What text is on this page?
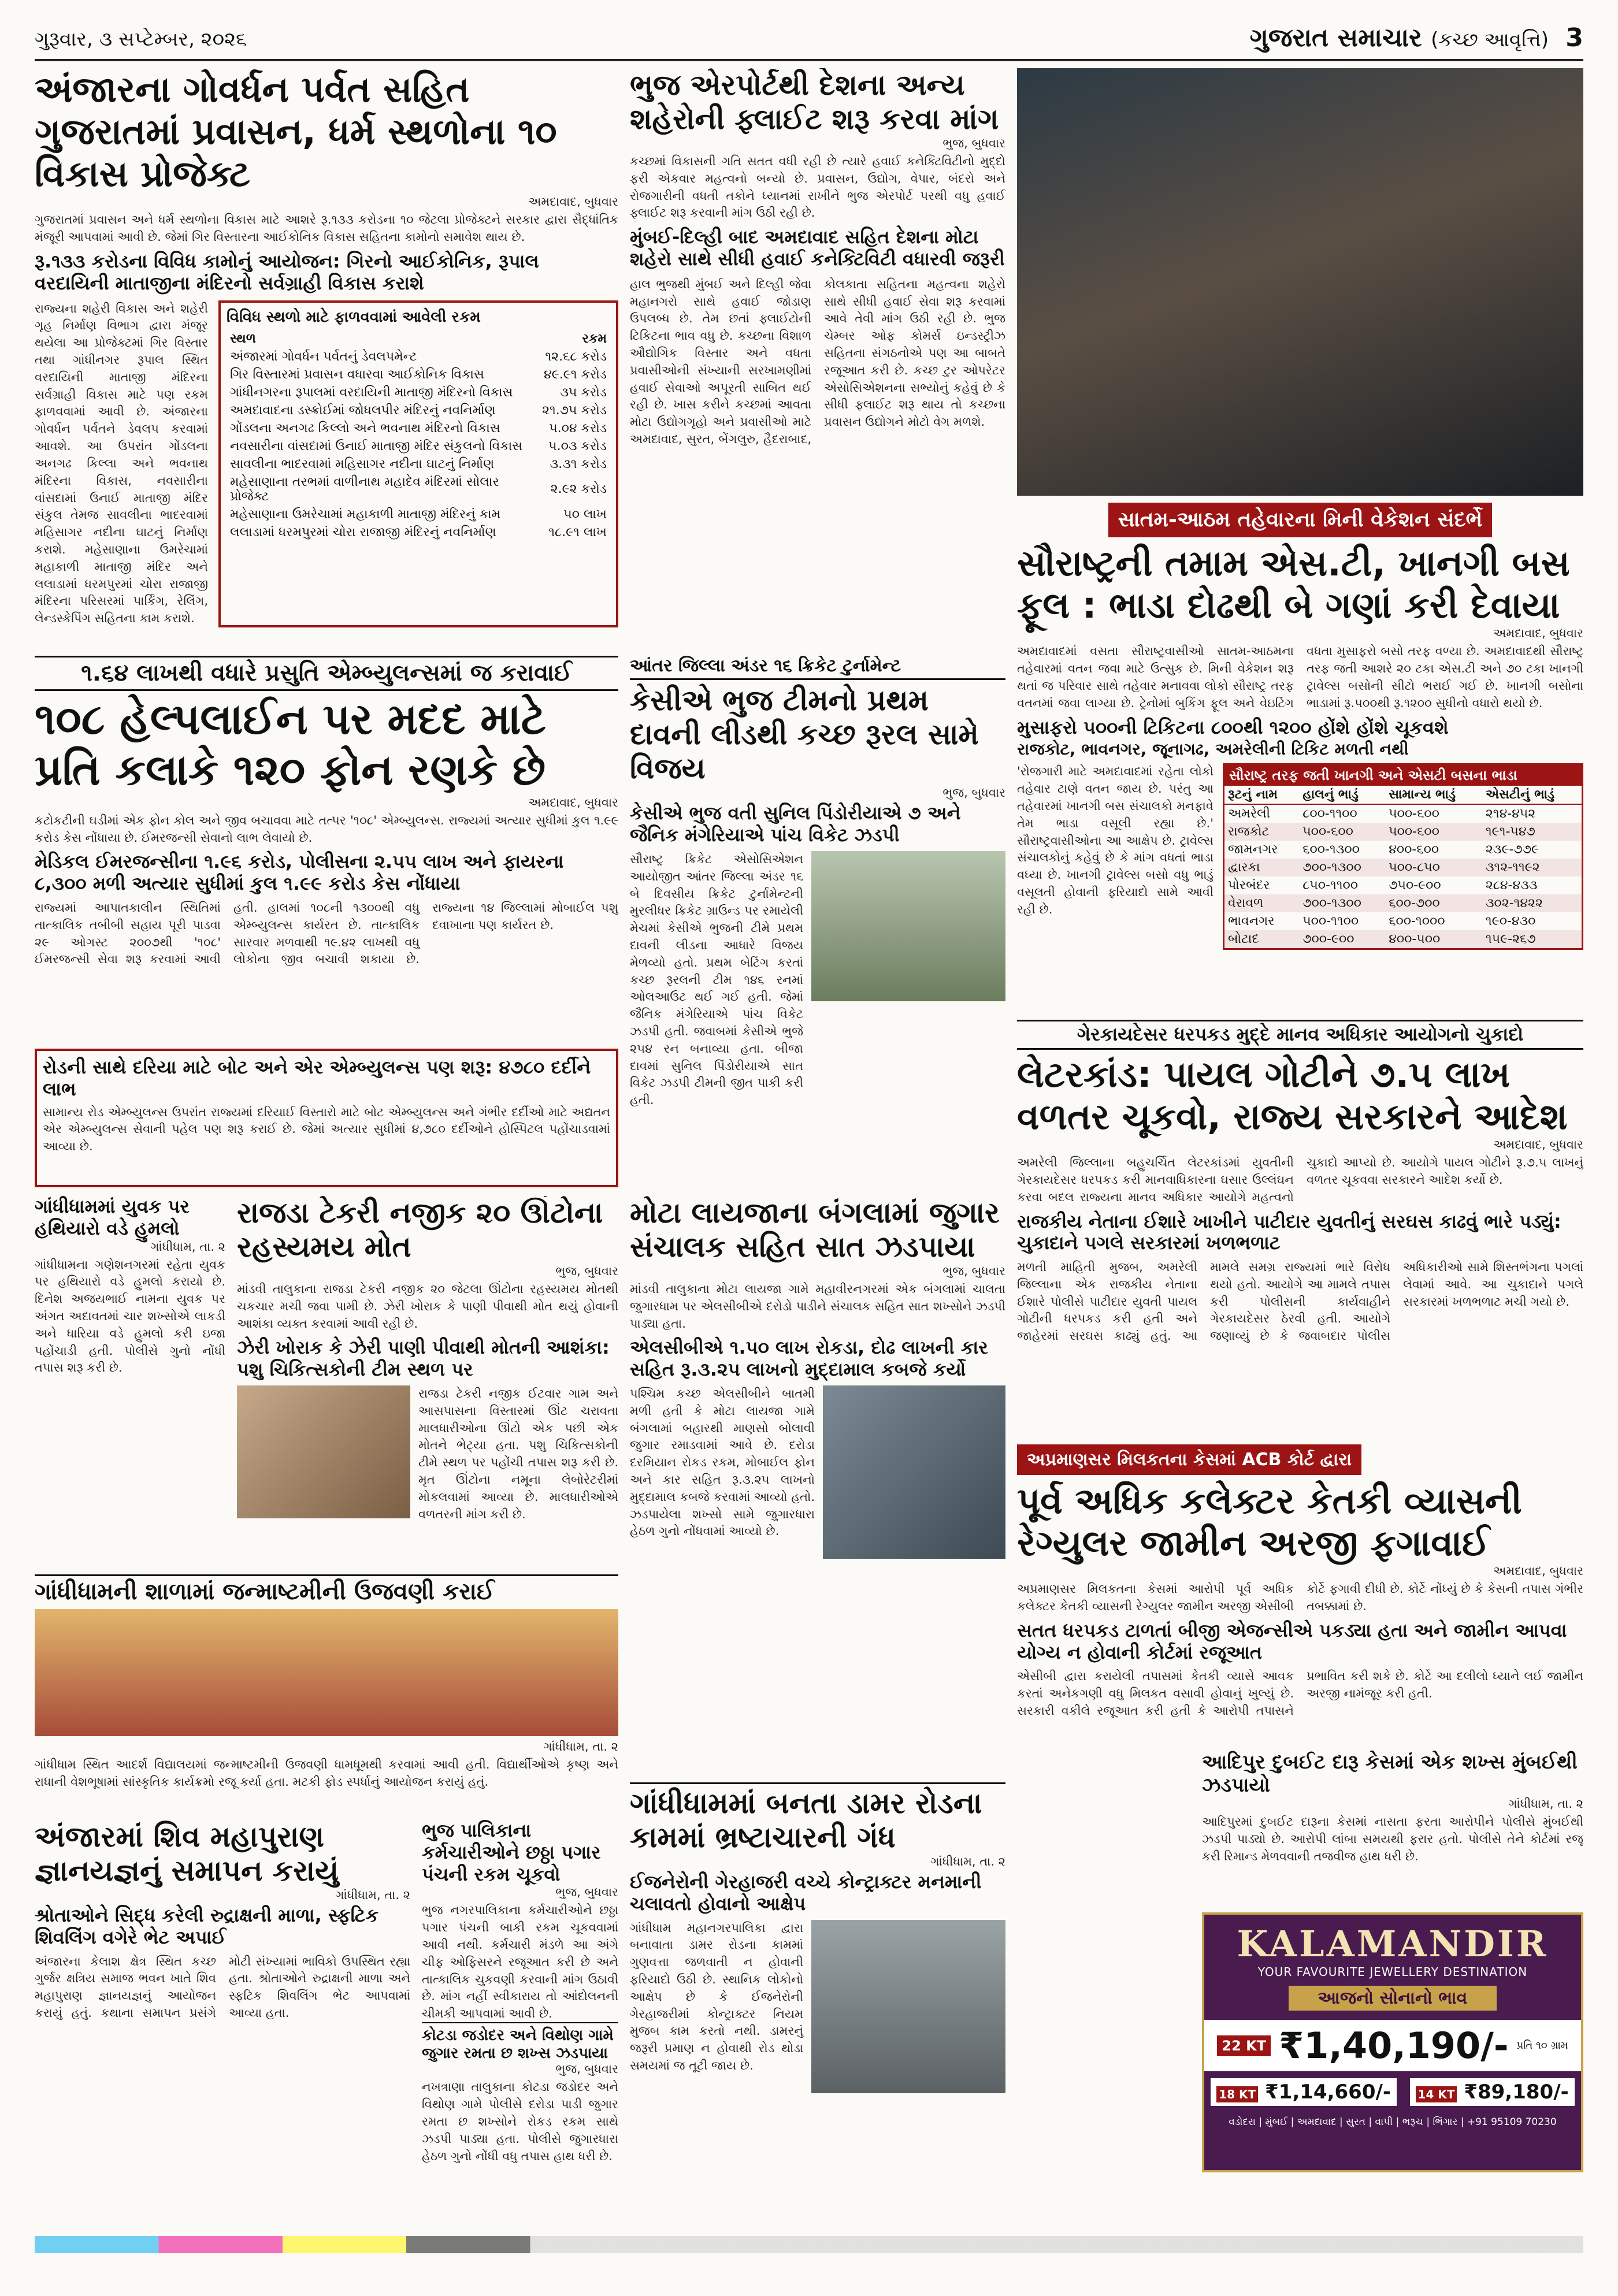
ગુરૂવાર, ૩ સપ્ટેમ્બર, ૨૦૨૬	ગુજરાત સમાચાર (કચ્છ આવૃત્તિ) 3
અંજારના ગોવર્ધન પર્વત સહિત ગુજરાતમાં પ્રવાસન, ધર્મ સ્થળોના ૧૦ વિકાસ પ્રોજેક્ટ

અમદાવાદ, બુધવાર

ગુજરાતમાં પ્રવાસન અને ધર્મ સ્થળોના વિકાસ માટે આશરે રૂ.૧૩૩ કરોડના ૧૦ જેટલા પ્રોજેક્ટને સરકાર દ્વારા સૈદ્ધાંતિક મંજૂરી આપવામાં આવી છે. જેમાં ગિર વિસ્તારના આઈકોનિક વિકાસ સહિતના કામોનો સમાવેશ થાય છે.

રૂ.૧૩૩ કરોડના વિવિધ કામોનું આયોજન: ગિરનો આઈકોનિક, રૂપાલ વરદાયિની માતાજીના મંદિરનો સર્વગ્રાહી વિકાસ કરાશે

રાજ્યના શહેરી વિકાસ અને શહેરી ગૃહ નિર્માણ વિભાગ દ્વારા મંજૂર થયેલા આ પ્રોજેક્ટમાં ગિર વિસ્તાર તથા ગાંધીનગર રૂપાલ સ્થિત વરદાયિની માતાજી મંદિરના સર્વગ્રાહી વિકાસ માટે પણ રકમ ફાળવવામાં આવી છે. અંજારના ગોવર્ધન પર્વતને ડેવલપ કરવામાં આવશે. આ ઉપરાંત ગોંડલના અનગઢ કિલ્લા અને ભવનાથ મંદિરના વિકાસ, નવસારીના વાંસદામાં ઉનાઈ માતાજી મંદિર સંકુલ તેમજ સાવલીના ભાદરવામાં મહિસાગર નદીના ઘાટનું નિર્માણ કરાશે. મહેસાણાના ઉમરેચામાં મહાકાળી માતાજી મંદિર અને લલાડામાં ધરમપુરમાં ચોરા રાજાજી મંદિરના પરિસરમાં પાર્કિંગ, રેલિંગ, લેન્ડસ્કેપિંગ સહિતના કામ કરાશે.

વિવિધ સ્થળો માટે ફાળવવામાં આવેલી રકમ
સ્થળ	રકમ
અંજારમાં ગોવર્ધન પર્વતનું ડેવલપમેન્ટ	૧૨.૬૮ કરોડ
ગિર વિસ્તારમાં પ્રવાસન વધારવા આઈકોનિક વિકાસ	૪૯.૯૧ કરોડ
ગાંધીનગરના રૂપાલમાં વરદાયિની માતાજી મંદિરનો વિકાસ	૩૫ કરોડ
અમદાવાદના ડસ્ક્રોઈમાં જોધલપીર મંદિરનું નવનિર્માણ	૨૧.૭૫ કરોડ
ગોંડલના અનગઢ કિલ્લો અને ભવનાથ મંદિરનો વિકાસ	૫.૦૪ કરોડ
નવસારીના વાંસદામાં ઉનાઈ માતાજી મંદિર સંકુલનો વિકાસ	૫.૦૩ કરોડ
સાવલીના ભાદરવામાં મહિસાગર નદીના ઘાટનું નિર્માણ	૩.૩૧ કરોડ
મહેસાણાના તરભમાં વાળીનાથ મહાદેવ મંદિરમાં સોલાર પ્રોજેક્ટ	૨.૯૨ કરોડ
મહેસાણાના ઉમરેચામાં મહાકાળી માતાજી મંદિરનું કામ	૫૦ લાખ
લલાડામાં ધરમપુરમાં ચોરા રાજાજી મંદિરનું નવનિર્માણ	૧૮.૯૧ લાખ
ભુજ એરપોર્ટથી દેશના અન્ય શહેરોની ફ્લાઈટ શરૂ કરવા માંગ

ભુજ, બુધવાર

કચ્છમાં વિકાસની ગતિ સતત વધી રહી છે ત્યારે હવાઈ કનેક્ટિવિટીનો મુદ્દો ફરી એકવાર મહત્વનો બન્યો છે. પ્રવાસન, ઉદ્યોગ, વેપાર, બંદરો અને રોજગારીની વધતી તકોને ધ્યાનમાં રાખીને ભુજ એરપોર્ટ પરથી વધુ હવાઈ ફ્લાઈટ શરૂ કરવાની માંગ ઉઠી રહી છે.

મુંબઈ-દિલ્હી બાદ અમદાવાદ સહિત દેશના મોટા શહેરો સાથે સીધી હવાઈ કનેક્ટિવિટી વધારવી જરૂરી

હાલ ભુજથી મુંબઈ અને દિલ્હી જેવા મહાનગરો સાથે હવાઈ જોડાણ ઉપલબ્ધ છે. તેમ છતાં ફ્લાઈટોની ટિકિટના ભાવ વધુ છે. કચ્છના વિશાળ ઔદ્યોગિક વિસ્તાર અને વધતા પ્રવાસીઓની સંખ્યાની સરખામણીમાં હવાઈ સેવાઓ અપૂરતી સાબિત થઈ રહી છે. ખાસ કરીને કચ્છમાં આવતા મોટા ઉદ્યોગગૃહો અને પ્રવાસીઓ માટે અમદાવાદ, સુરત, બેંગલુરુ, હૈદરાબાદ, કોલકાતા સહિતના મહત્વના શહેરો સાથે સીધી હવાઈ સેવા શરૂ કરવામાં આવે તેવી માંગ ઉઠી રહી છે. ભુજ ચેમ્બર ઓફ કોમર્સ ઇન્ડસ્ટ્રીઝ સહિતના સંગઠનોએ પણ આ બાબતે રજૂઆત કરી છે. કચ્છ ટુર ઓપરેટર એસોસિએશનના સભ્યોનું કહેવું છે કે સીધી ફ્લાઈટ શરૂ થાય તો કચ્છના પ્રવાસન ઉદ્યોગને મોટો વેગ મળશે.

સાતમ-આઠમ તહેવારના મિની વેકેશન સંદર્ભે
સૌરાષ્ટ્રની તમામ એસ.ટી, ખાનગી બસ ફૂલ : ભાડા દોઢથી બે ગણાં કરી દેવાયા

અમદાવાદ, બુધવાર

અમદાવાદમાં વસતા સૌરાષ્ટ્રવાસીઓ સાતમ-આઠમના તહેવારમાં વતન જવા માટે ઉત્સુક છે. મિની વેકેશન શરૂ થતાં જ પરિવાર સાથે તહેવાર મનાવવા લોકો સૌરાષ્ટ્ર તરફ વતનમાં જવા લાગ્યા છે. ટ્રેનોમાં બુકિંગ ફૂલ અને વેઇટિંગ વધતા મુસાફરો બસો તરફ વળ્યા છે. અમદાવાદથી સૌરાષ્ટ્ર તરફ જતી આશરે ૨૦ ટકા એસ.ટી અને ૭૦ ટકા ખાનગી ટ્રાવેલ્સ બસોની સીટો ભરાઈ ગઈ છે. ખાનગી બસોના ભાડામાં રૂ.૫૦૦થી રૂ.૧૨૦૦ સુધીનો વધારો થયો છે.

મુસાફરો ૫૦૦ની ટિકિટના ૮૦૦થી ૧૨૦૦ હોંશે હોંશે ચૂકવશે
રાજકોટ, ભાવનગર, જૂનાગઢ, અમરેલીની ટિકિટ મળતી નથી

'રોજગારી માટે અમદાવાદમાં રહેતા લોકો તહેવાર ટાણે વતન જાય છે. પરંતુ આ તહેવારમાં ખાનગી બસ સંચાલકો મનફાવે તેમ ભાડા વસૂલી રહ્યા છે.' સૌરાષ્ટ્રવાસીઓના આ આક્ષેપ છે. ટ્રાવેલ્સ સંચાલકોનું કહેવું છે કે માંગ વધતાં ભાડા વધ્યા છે. ખાનગી ટ્રાવેલ્સ બસો વધુ ભાડું વસૂલતી હોવાની ફરિયાદો સામે આવી રહી છે.

સૌરાષ્ટ્ર તરફ જતી ખાનગી અને એસટી બસના ભાડા
રૂટનું નામ	હાલનું ભાડું	સામાન્ય ભાડું	એસટીનું ભાડું
અમરેલી	૮૦૦-૧૧૦૦	૫૦૦-૬૦૦	૨૧૪-૪૫૨
રાજકોટ	૫૦૦-૬૦૦	૫૦૦-૬૦૦	૧૯૧-૫૪૭
જામનગર	૬૦૦-૧૩૦૦	૪૦૦-૬૦૦	૨૩૯-૭૭૯
દ્વારકા	૭૦૦-૧૩૦૦	૫૦૦-૮૫૦	૩૧૨-૧૧૯૨
પોરબંદર	૮૫૦-૧૧૦૦	૭૫૦-૯૦૦	૨૮૪-૪૩૩
વેરાવળ	૭૦૦-૧૩૦૦	૬૦૦-૭૦૦	૩૦૨-૧૪૨૨
ભાવનગર	૫૦૦-૧૧૦૦	૬૦૦-૧૦૦૦	૧૯૦-૪૩૦
બોટાદ	૭૦૦-૯૦૦	૪૦૦-૫૦૦	૧૫૯-૨૬૭
૧.૬૪ લાખથી વધારે પ્રસુતિ એમ્બ્યુલન્સમાં જ કરાવાઈ
૧૦૮ હેલ્પલાઈન પર મદદ માટે પ્રતિ કલાકે ૧૨૦ ફોન રણકે છે

અમદાવાદ, બુધવાર

કટોકટીની ઘડીમાં એક ફોન કોલ અને જીવ બચાવવા માટે તત્પર '૧૦૮' એમ્બ્યુલન્સ. રાજ્યમાં અત્યાર સુધીમાં કુલ ૧.૯૯ કરોડ કેસ નોંધાયા છે. ઈમરજન્સી સેવાનો લાભ લેવાયો છે.

મેડિકલ ઈમરજન્સીના ૧.૯૬ કરોડ, પોલીસના ૨.૫૫ લાખ અને ફાયરના ૮,૩૦૦ મળી અત્યાર સુધીમાં કુલ ૧.૯૯ કરોડ કેસ નોંધાયા

રાજ્યમાં આપાતકાલીન સ્થિતિમાં તાત્કાલિક તબીબી સહાય પૂરી પાડવા ૨૯ ઓગસ્ટ ૨૦૦૭થી '૧૦૮' ઈમરજન્સી સેવા શરૂ કરવામાં આવી હતી. હાલમાં ૧૦૮ની ૧૩૦૦થી વધુ એમ્બ્યુલન્સ કાર્યરત છે. તાત્કાલિક સારવાર મળવાથી ૧૯.૪૨ લાખથી વધુ લોકોના જીવ બચાવી શકાયા છે. રાજ્યના ૧૪ જિલ્લામાં મોબાઈલ પશુ દવાખાના પણ કાર્યરત છે.

રોડની સાથે દરિયા માટે બોટ અને એર એમ્બ્યુલન્સ પણ શરૂ: ૪૭૮૦ દર્દીને લાભ

સામાન્ય રોડ એમ્બ્યુલન્સ ઉપરાંત રાજ્યમાં દરિયાઈ વિસ્તારો માટે બોટ એમ્બ્યુલન્સ અને ગંભીર દર્દીઓ માટે અદ્યતન એર એમ્બ્યુલન્સ સેવાની પહેલ પણ શરૂ કરાઈ છે. જેમાં અત્યાર સુધીમાં ૪,૭૮૦ દર્દીઓને હોસ્પિટલ પહોંચાડવામાં આવ્યા છે.

આંતર જિલ્લા અંડર ૧૬ ક્રિકેટ ટુર્નામેન્ટ
કેસીએ ભુજ ટીમનો પ્રથમ દાવની લીડથી કચ્છ રૂરલ સામે વિજય

ભુજ, બુધવાર

કેસીએ ભુજ વતી સુનિલ પિંડોરીયાએ ૭ અને જૈનિક મંગેરિયાએ પાંચ વિકેટ ઝડપી

સૌરાષ્ટ્ર ક્રિકેટ એસોસિએશન આયોજીત આંતર જિલ્લા અંડર ૧૬ બે દિવસીય ક્રિકેટ ટુર્નામેન્ટની મુરલીધર ક્રિકેટ ગ્રાઉન્ડ પર રમાયેલી મેચમાં કેસીએ ભુજની ટીમે પ્રથમ દાવની લીડના આધારે વિજય મેળવ્યો હતો. પ્રથમ બેટિંગ કરતાં કચ્છ રૂરલની ટીમ ૧૪૬ રનમાં ઓલઆઉટ થઈ ગઈ હતી. જેમાં જૈનિક મંગેરિયાએ પાંચ વિકેટ ઝડપી હતી. જવાબમાં કેસીએ ભુજે ૨૫૪ રન બનાવ્યા હતા. બીજા દાવમાં સુનિલ પિંડોરીયાએ સાત વિકેટ ઝડપી ટીમની જીત પાકી કરી હતી.

મોટા લાયજાના બંગલામાં જુગાર સંચાલક સહિત સાત ઝડપાયા

ભુજ, બુધવાર

માંડવી તાલુકાના મોટા લાયજા ગામે મહાવીરનગરમાં એક બંગલામાં ચાલતા જુગારધામ પર એલસીબીએ દરોડો પાડીને સંચાલક સહિત સાત શખ્સોને ઝડપી પાડ્યા હતા.

એલસીબીએ ૧.૫૦ લાખ રોકડા, દોઢ લાખની કાર સહિત રૂ.૩.૨૫ લાખનો મુદ્દામાલ કબજે કર્યો

પશ્ચિમ કચ્છ એલસીબીને બાતમી મળી હતી કે મોટા લાયજા ગામે બંગલામાં બહારથી માણસો બોલાવી જુગાર રમાડવામાં આવે છે. દરોડા દરમિયાન રોકડ રકમ, મોબાઈલ ફોન અને કાર સહિત રૂ.૩.૨૫ લાખનો મુદ્દામાલ કબજે કરવામાં આવ્યો હતો. ઝડપાયેલા શખ્સો સામે જુગારધારા હેઠળ ગુનો નોંધવામાં આવ્યો છે.

ગેરકાયદેસર ધરપકડ મુદ્દે માનવ અધિકાર આયોગનો ચુકાદો
લેટરકાંડ: પાયલ ગોટીને ૭.૫ લાખ વળતર ચૂકવો, રાજ્ય સરકારને આદેશ

અમદાવાદ, બુધવાર

અમરેલી જિલ્લાના બહુચર્ચિત લેટરકાંડમાં યુવતીની ગેરકાયદેસર ધરપકડ કરી માનવાધિકારના ઘસાર ઉલ્લંઘન કરવા બદલ રાજ્યના માનવ અધિકાર આયોગે મહત્વનો ચુકાદો આપ્યો છે. આયોગે પાયલ ગોટીને રૂ.૭.૫ લાખનું વળતર ચૂકવવા સરકારને આદેશ કર્યો છે.

રાજકીય નેતાના ઈશારે ખાખીને પાટીદાર યુવતીનું સરઘસ કાઢવું ભારે પડ્યું: ચુકાદાને પગલે સરકારમાં ખળભળાટ

મળતી માહિતી મુજબ, અમરેલી જિલ્લાના એક રાજકીય નેતાના ઈશારે પોલીસે પાટીદાર યુવતી પાયલ ગોટીની ધરપકડ કરી હતી અને જાહેરમાં સરઘસ કાઢ્યું હતું. આ મામલે સમગ્ર રાજ્યમાં ભારે વિરોધ થયો હતો. આયોગે આ મામલે તપાસ કરી પોલીસની કાર્યવાહીને ગેરકાયદેસર ઠેરવી હતી. આયોગે જણાવ્યું છે કે જવાબદાર પોલીસ અધિકારીઓ સામે શિસ્તભંગના પગલાં લેવામાં આવે. આ ચુકાદાને પગલે સરકારમાં ખળભળાટ મચી ગયો છે.

ગાંધીધામમાં યુવક પર હથિયારો વડે હુમલો

ગાંધીધામ, તા. ૨

ગાંધીધામના ગણેશનગરમાં રહેતા યુવક પર હથિયારો વડે હુમલો કરાયો છે. દિનેશ અજયભાઈ નામના યુવક પર અંગત અદાવતમાં ચાર શખ્સોએ લાકડી અને ધારિયા વડે હુમલો કરી ઇજા પહોંચાડી હતી. પોલીસે ગુનો નોંધી તપાસ શરૂ કરી છે.

રાજડા ટેકરી નજીક ૨૦ ઊંટોના રહસ્યમય મોત

ભુજ, બુધવાર

માંડવી તાલુકાના રાજડા ટેકરી નજીક ૨૦ જેટલા ઊંટોના રહસ્યમય મોતથી ચકચાર મચી જવા પામી છે. ઝેરી ખોરાક કે પાણી પીવાથી મોત થયું હોવાની આશંકા વ્યક્ત કરવામાં આવી રહી છે.

ઝેરી ખોરાક કે ઝેરી પાણી પીવાથી મોતની આશંકા: પશુ ચિકિત્સકોની ટીમ સ્થળ પર

રાજડા ટેકરી નજીક ઈટવાર ગામ અને આસપાસના વિસ્તારમાં ઊંટ ચરાવતા માલધારીઓના ઊંટો એક પછી એક મોતને ભેટ્યા હતા. પશુ ચિકિત્સકોની ટીમે સ્થળ પર પહોંચી તપાસ શરૂ કરી છે. મૃત ઊંટોના નમૂના લેબોરેટરીમાં મોકલવામાં આવ્યા છે. માલધારીઓએ વળતરની માંગ કરી છે.

ગાંધીધામની શાળામાં જન્માષ્ટમીની ઉજવણી કરાઈ

ગાંધીધામ, તા. ૨

ગાંધીધામ સ્થિત આદર્શ વિદ્યાલયમાં જન્માષ્ટમીની ઉજવણી ધામધૂમથી કરવામાં આવી હતી. વિદ્યાર્થીઓએ કૃષ્ણ અને રાધાની વેશભૂષામાં સાંસ્કૃતિક કાર્યક્રમો રજૂ કર્યા હતા. મટકી ફોડ સ્પર્ધાનું આયોજન કરાયું હતું.

ભુજ પાલિકાના કર્મચારીઓને છઠ્ઠા પગાર પંચની રકમ ચૂકવો

ભુજ, બુધવાર

ભુજ નગરપાલિકાના કર્મચારીઓને છઠ્ઠા પગાર પંચની બાકી રકમ ચૂકવવામાં આવી નથી. કર્મચારી મંડળે આ અંગે ચીફ ઓફિસરને રજૂઆત કરી છે અને તાત્કાલિક ચુકવણી કરવાની માંગ ઉઠાવી છે. માંગ નહીં સ્વીકારાય તો આંદોલનની ચીમકી આપવામાં આવી છે.

અંજારમાં શિવ મહાપુરાણ જ્ઞાનયજ્ઞનું સમાપન કરાયું

ગાંધીધામ, તા. ૨

શ્રોતાઓને સિદ્ધ કરેલી રુદ્રાક્ષની માળા, સ્ફટિક શિવલિંગ વગેરે ભેટ અપાઈ

અંજારના કેલાશ ક્ષેત્ર સ્થિત કચ્છ ગુર્જર ક્ષત્રિય સમાજ ભવન ખાતે શિવ મહાપુરાણ જ્ઞાનયજ્ઞનું આયોજન કરાયું હતું. કથાના સમાપન પ્રસંગે મોટી સંખ્યામાં ભાવિકો ઉપસ્થિત રહ્યા હતા. શ્રોતાઓને રુદ્રાક્ષની માળા અને સ્ફટિક શિવલિંગ ભેટ આપવામાં આવ્યા હતા.

કોટડા જડોદર અને વિથોણ ગામે જુગાર રમતા છ શખ્સ ઝડપાયા

ભુજ, બુધવાર

નખત્રાણા તાલુકાના કોટડા જડોદર અને વિથોણ ગામે પોલીસે દરોડા પાડી જુગાર રમતા છ શખ્સોને રોકડ રકમ સાથે ઝડપી પાડ્યા હતા. પોલીસે જુગારધારા હેઠળ ગુનો નોંધી વધુ તપાસ હાથ ધરી છે.

ગાંધીધામમાં બનતા ડામર રોડના કામમાં ભ્રષ્ટાચારની ગંધ

ગાંધીધામ, તા. ૨

ઈજનેરોની ગેરહાજરી વચ્ચે કોન્ટ્રાક્ટર મનમાની ચલાવતો હોવાનો આક્ષેપ

ગાંધીધામ મહાનગરપાલિકા દ્વારા બનાવાતા ડામર રોડના કામમાં ગુણવત્તા જળવાતી ન હોવાની ફરિયાદો ઉઠી છે. સ્થાનિક લોકોનો આક્ષેપ છે કે ઈજનેરોની ગેરહાજરીમાં કોન્ટ્રાક્ટર નિયમ મુજબ કામ કરતો નથી. ડામરનું જરૂરી પ્રમાણ ન હોવાથી રોડ થોડા સમયમાં જ તૂટી જાય છે.

અપ્રમાણસર મિલકતના કેસમાં ACB કોર્ટ દ્વારા
પૂર્વ અધિક કલેક્ટર કેતકી વ્યાસની રેગ્યુલર જામીન અરજી ફગાવાઈ

અમદાવાદ, બુધવાર

અપ્રમાણસર મિલકતના કેસમાં આરોપી પૂર્વ અધિક કલેક્ટર કેતકી વ્યાસની રેગ્યુલર જામીન અરજી એસીબી કોર્ટે ફગાવી દીધી છે. કોર્ટે નોંધ્યું છે કે કેસની તપાસ ગંભીર તબક્કામાં છે.

સતત ધરપકડ ટાળતાં બીજી એજન્સીએ પકડ્યા હતા અને જામીન આપવા યોગ્ય ન હોવાની કોર્ટમાં રજૂઆત

એસીબી દ્વારા કરાયેલી તપાસમાં કેતકી વ્યાસે આવક કરતાં અનેકગણી વધુ મિલકત વસાવી હોવાનું ખુલ્યું છે. સરકારી વકીલે રજૂઆત કરી હતી કે આરોપી તપાસને પ્રભાવિત કરી શકે છે. કોર્ટે આ દલીલો ધ્યાને લઈ જામીન અરજી નામંજૂર કરી હતી.

આદિપુર દુબઈટ દારૂ કેસમાં એક શખ્સ મુંબઈથી ઝડપાયો

ગાંધીધામ, તા. ૨

આદિપુરમાં દુબઈટ દારૂના કેસમાં નાસતા ફરતા આરોપીને પોલીસે મુંબઈથી ઝડપી પાડ્યો છે. આરોપી લાંબા સમયથી ફરાર હતો. પોલીસે તેને કોર્ટમાં રજૂ કરી રિમાન્ડ મેળવવાની તજવીજ હાથ ધરી છે.

KALAMANDIR
YOUR FAVOURITE JEWELLERY DESTINATION
આજનો સોનાનો ભાવ
22 KT ₹1,40,190/- પ્રતિ ૧૦ ગ્રામ
18 KT ₹1,14,660/-	14 KT ₹89,180/-
વડોદરા | મુંબઈ | અમદાવાદ | સુરત | વાપી | ભરૂચ | ભિંગાર | +91 95109 70230
